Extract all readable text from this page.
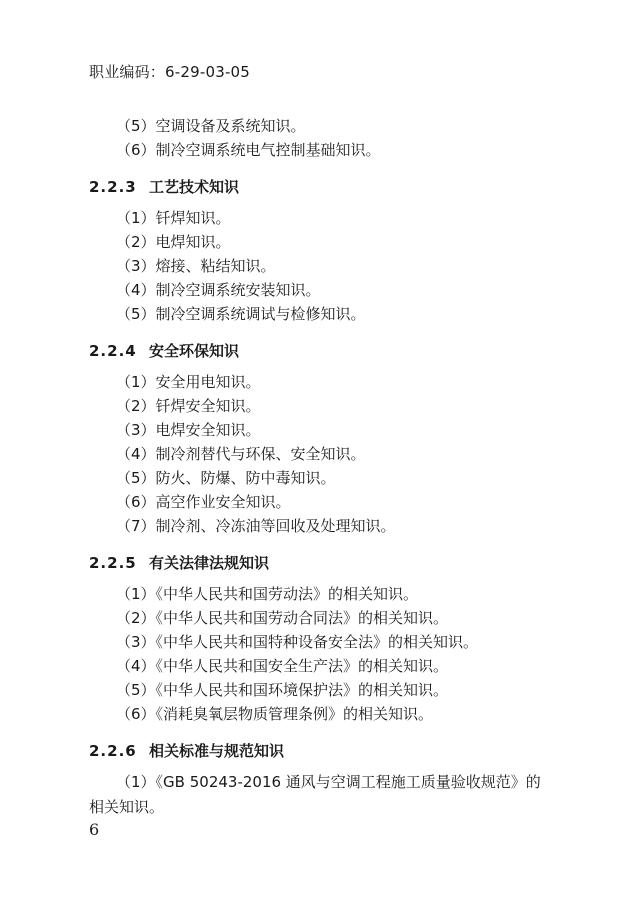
职业编码：6-29-03-05
（5）空调设备及系统知识。
（6）制冷空调系统电气控制基础知识。
2.2.3 工艺技术知识
（1）钎焊知识。
（2）电焊知识。
（3）熔接、粘结知识。
（4）制冷空调系统安装知识。
（5）制冷空调系统调试与检修知识。
2.2.4 安全环保知识
（1）安全用电知识。
（2）钎焊安全知识。
（3）电焊安全知识。
（4）制冷剂替代与环保、安全知识。
（5）防火、防爆、防中毒知识。
（6）高空作业安全知识。
（7）制冷剂、冷冻油等回收及处理知识。
2.2.5 有关法律法规知识
（1）《中华人民共和国劳动法》的相关知识。
（2）《中华人民共和国劳动合同法》的相关知识。
（3）《中华人民共和国特种设备安全法》的相关知识。
（4）《中华人民共和国安全生产法》的相关知识。
（5）《中华人民共和国环境保护法》的相关知识。
（6）《消耗臭氧层物质管理条例》的相关知识。
2.2.6 相关标准与规范知识
（1）《GB 50243-2016 通风与空调工程施工质量验收规范》的相关知识。
6
